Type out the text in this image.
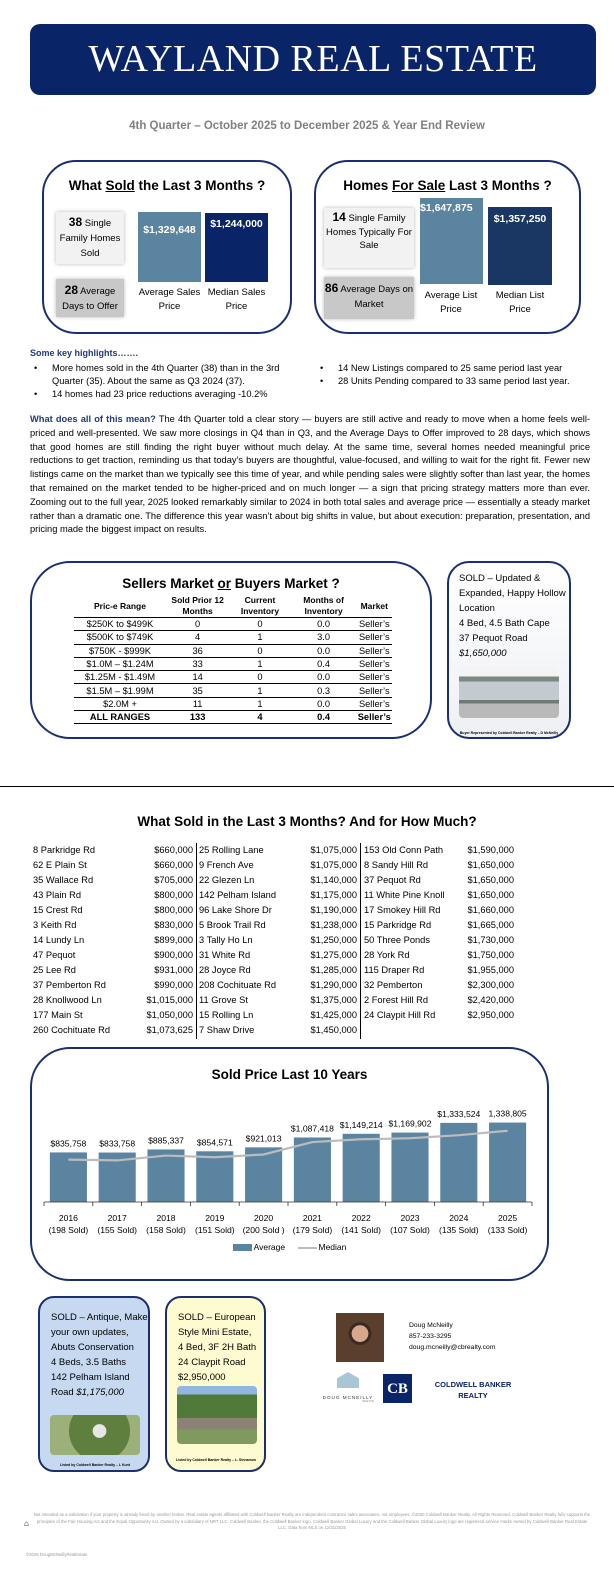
WAYLAND REAL ESTATE
4th Quarter – October 2025 to December 2025 & Year End Review
What Sold the Last 3 Months ?
38 Single Family Homes Sold
28 Average Days to Offer
$1,329,648	$1,244,000
Average Sales Price
Median Sales Price
Homes For Sale Last 3 Months ?
14 Single Family Homes Typically For Sale
86 Average Days on Market
$1,647,875
$1,357,250
Average List Price
Median List Price
Some key highlights…….
• More homes sold in the 4th Quarter (38) than in the 3rd Quarter (35). About the same as Q3 2024 (37).
• 14 homes had 23 price reductions averaging -10.2%
• 14 New Listings compared to 25 same period last year
• 28 Units Pending compared to 33 same period last year.
What does all of this mean? The 4th Quarter told a clear story — buyers are still active and ready to move when a home feels well-priced and well-presented. We saw more closings in Q4 than in Q3, and the Average Days to Offer improved to 28 days, which shows that good homes are still finding the right buyer without much delay. At the same time, several homes needed meaningful price reductions to get traction, reminding us that today’s buyers are thoughtful, value-focused, and willing to wait for the right fit. Fewer new listings came on the market than we typically see this time of year, and while pending sales were slightly softer than last year, the homes that remained on the market tended to be higher-priced and on much longer — a sign that pricing strategy matters more than ever. Zooming out to the full year, 2025 looked remarkably similar to 2024 in both total sales and average price — essentially a steady market rather than a dramatic one. The difference this year wasn’t about big shifts in value, but about execution: preparation, presentation, and pricing made the biggest impact on results.
Sellers Market or Buyers Market ?
Pric-e Range	Sold Prior 12 Months	Current Inventory	Months of Inventory	Market
$250K to $499K	0	0	0.0	Seller’s
$500K to $749K	4	1	3.0	Seller’s
$750K - $999K	36	0	0.0	Seller’s
$1.0M – $1.24M	33	1	0.4	Seller’s
$1.25M - $1.49M	14	0	0.0	Seller’s
$1.5M – $1.99M	35	1	0.3	Seller’s
$2.0M +	11	1	0.0	Seller’s
ALL RANGES	133	4	0.4	Seller’s
SOLD – Updated & Expanded, Happy Hollow Location
4 Bed, 4.5 Bath Cape
37 Pequot Road
$1,650,000
Buyer Represented by Coldwell Banker Realty – D McNeilly
What Sold in the Last 3 Months? And for How Much?
8 Parkridge Rd	$660,000
62 E Plain St	$660,000
35 Wallace Rd	$705,000
43 Plain Rd	$800,000
15 Crest Rd	$800,000
3 Keith Rd	$830,000
14 Lundy Ln	$899,000
47 Pequot	$900,000
25 Lee Rd	$931,000
37 Pemberton Rd	$990,000
28 Knollwood Ln	$1,015,000
177 Main St	$1,050,000
260 Cochituate Rd	$1,073,625
25 Rolling Lane	$1,075,000
9 French Ave	$1,075,000
22 Glezen Ln	$1,140,000
142 Pelham Island	$1,175,000
96 Lake Shore Dr	$1,190,000
5 Brook Trail Rd	$1,238,000
3 Tally Ho Ln	$1,250,000
31 White Rd	$1,275,000
28 Joyce Rd	$1,285,000
208 Cochituate Rd	$1,290,000
11 Grove St	$1,375,000
15 Rolling Ln	$1,425,000
7 Shaw Drive	$1,450,000
153 Old Conn Path	$1,590,000
8 Sandy Hill Rd	$1,650,000
37 Pequot Rd	$1,650,000
11 White Pine Knoll $1,650,000
17 Smokey Hill Rd	$1,660,000
15 Parkridge Rd	$1,665,000
50 Three Ponds	$1,730,000
28 York Rd	$1,750,000
115 Draper Rd	$1,955,000
32 Pemberton	$2,300,000
2 Forest Hill Rd	$2,420,000
24 Claypit Hill Rd	$2,950,000
Sold Price Last 10 Years
$835,758
2016
(198 Sold)
$833,758
2017
(155 Sold)
$885,337
2018
(158 Sold)
$854,571
2019
(151 Sold)
$921,013
2020
(200 Sold )
$1,087,418
2021
(179 Sold)
$1,149,214
2022
(141 Sold)
$1,169,902
2023
(107 Sold)
$1,333,524
2024
(135 Sold)
1,338,805
2025
(133 Sold)
Average	Median
SOLD – Antique, Make your own updates, Abuts Conservation
4 Beds, 3.5 Baths
142 Pelham Island Road $1,175,000
Listed by Coldwell Banker Realty – L Kunt
SOLD – European Style Mini Estate,
4 Bed, 3F 2H Bath
24 Claypit Road
$2,950,000
Listed by Coldwell Banker Realty – L. Sinnamon
Doug McNeilly
857-233-3295
doug.mcneilly@cbrealty.com
DOUG MCNEILLY
REALTOR
CB	COLDWELL BANKER
REALTY
⌂
Not intended as a solicitation if your property is already listed by another broker. Real estate agents affiliated with Coldwell Banker Realty are independent contractor sales associates, not employees. ©2020 Coldwell Banker Realty. All Rights Reserved. Coldwell Banker Realty fully supports the principles of the Fair Housing Act and the Equal Opportunity Act. Owned by a subsidiary of NRT LLC. Coldwell Banker, the Coldwell Banker logo, Coldwell Banker Global Luxury and the Coldwell Banker Global Luxury logo are registered service marks owned by Coldwell Banker Real Estate LLC. Data from MLS on 12/31/2025
©2025 DougMcNeillyRealEstate
